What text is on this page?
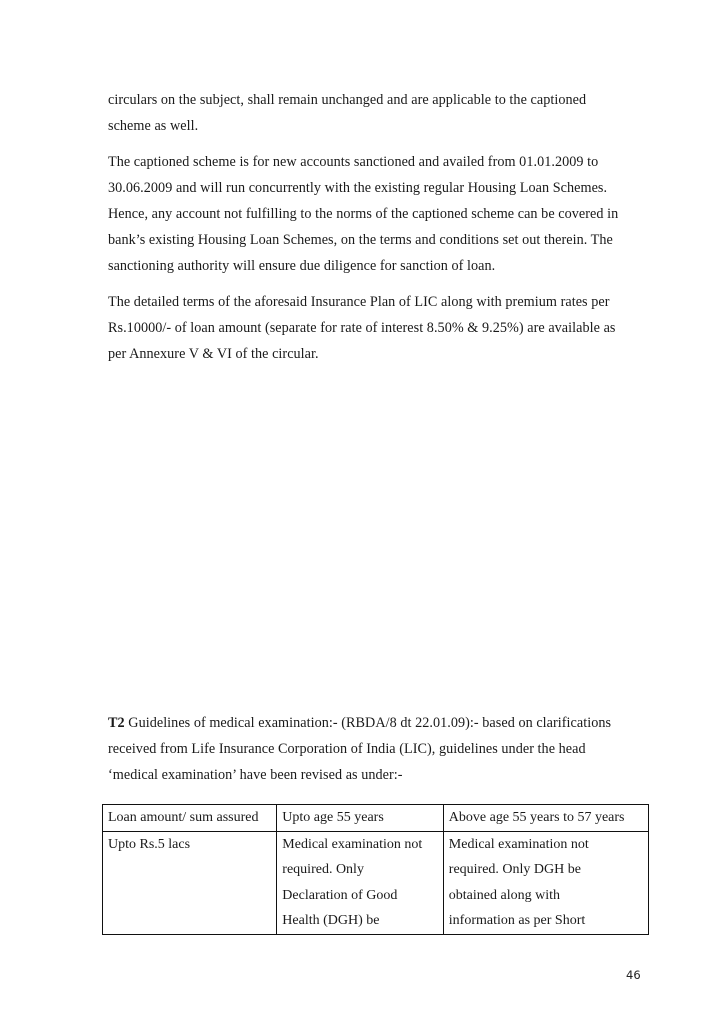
circulars on the subject, shall remain unchanged and are applicable to the captioned
scheme as well.

The captioned scheme is for new accounts sanctioned and availed from 01.01.2009 to
30.06.2009 and will run concurrently with the existing regular Housing Loan Schemes.
Hence, any account not fulfilling to the norms of the captioned scheme can be covered in
bank’s existing Housing Loan Schemes, on the terms and conditions set out therein. The
sanctioning authority will ensure due diligence for sanction of loan.

The detailed terms of the aforesaid Insurance Plan of LIC along with premium rates per
Rs.10000/- of loan amount (separate for rate of interest 8.50% & 9.25%) are available as
per Annexure V & VI of the circular.

T2 Guidelines of medical examination:- (RBDA/8 dt 22.01.09):- based on clarifications
received from Life Insurance Corporation of India (LIC), guidelines under the head
‘medical examination’ have been revised as under:-

Loan amount/ sum assured	Upto age 55 years	Above age 55 years to 57 years

Upto Rs.5 lacs	Medical examination not
required. Only
Declaration of Good
Health (DGH) be	Medical examination not
required. Only DGH be
obtained along with
information as per Short
46
